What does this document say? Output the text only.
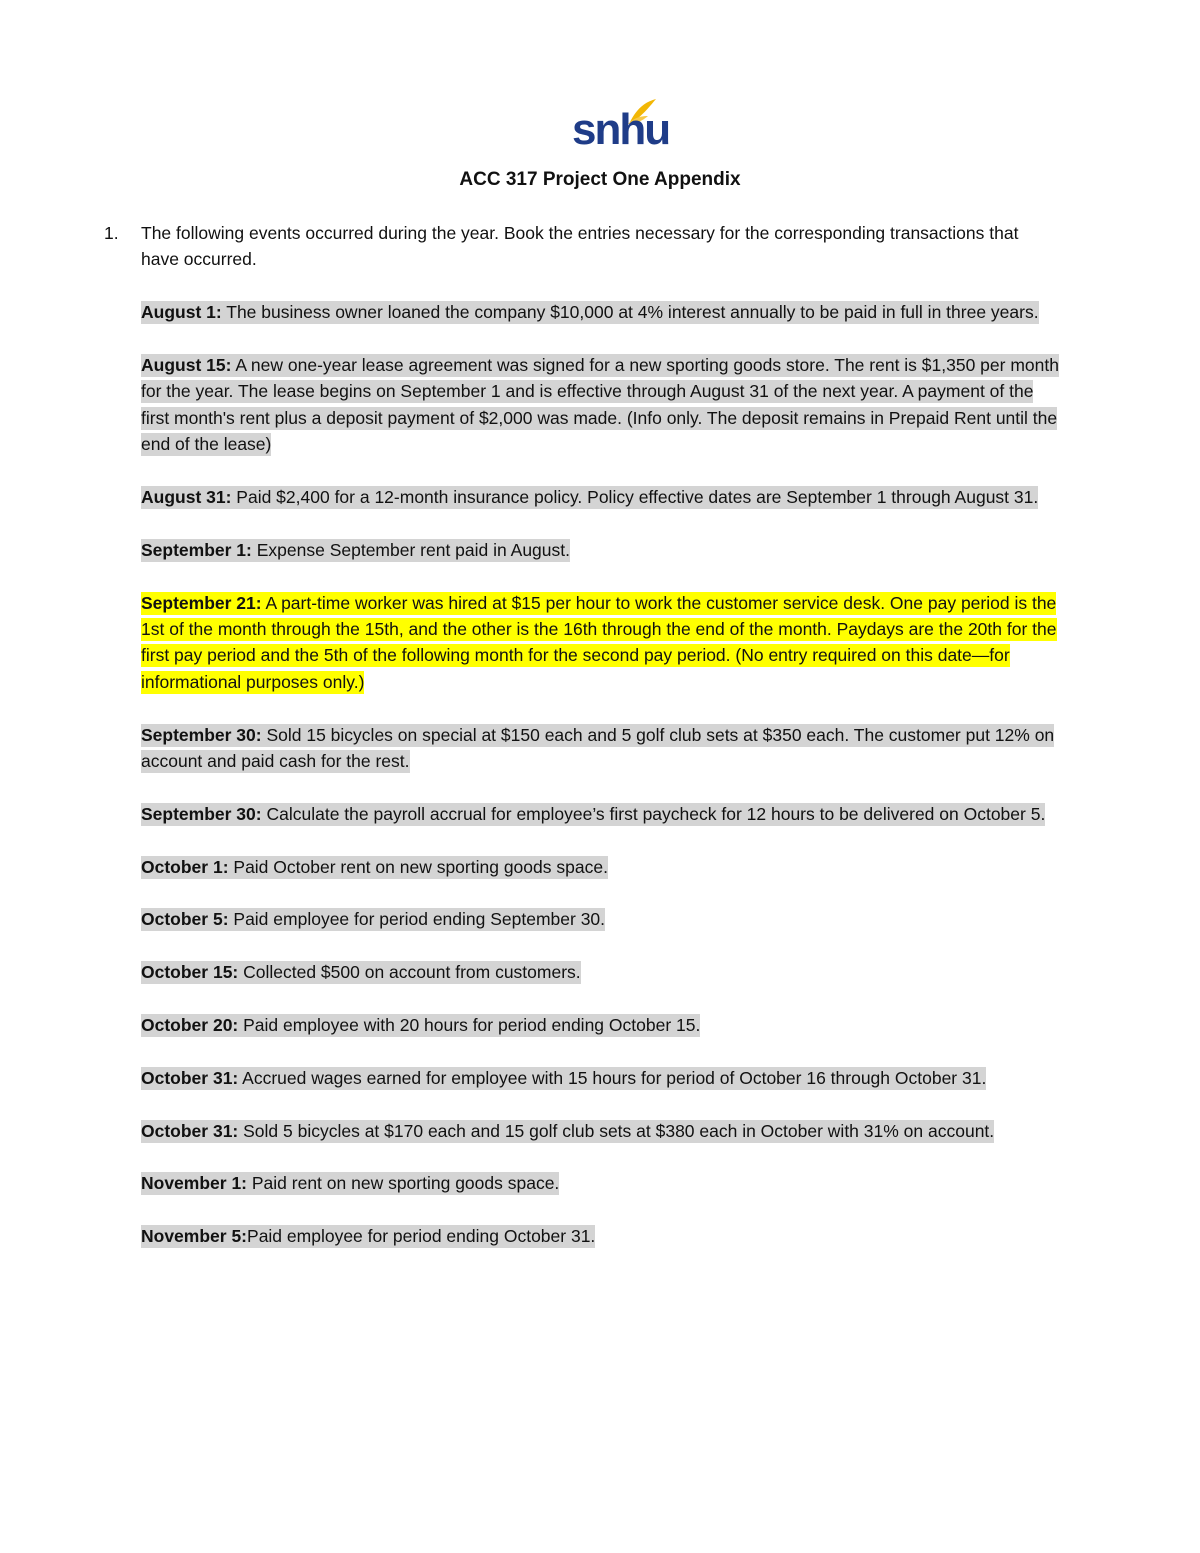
snhu
ACC 317 Project One Appendix
1. The following events occurred during the year. Book the entries necessary for the corresponding transactions that have occurred.

August 1: The business owner loaned the company $10,000 at 4% interest annually to be paid in full in three years.

August 15: A new one-year lease agreement was signed for a new sporting goods store. The rent is $1,350 per month for the year. The lease begins on September 1 and is effective through August 31 of the next year. A payment of the first month's rent plus a deposit payment of $2,000 was made. (Info only. The deposit remains in Prepaid Rent until the end of the lease)

August 31: Paid $2,400 for a 12-month insurance policy. Policy effective dates are September 1 through August 31.

September 1: Expense September rent paid in August.

September 21: A part-time worker was hired at $15 per hour to work the customer service desk. One pay period is the 1st of the month through the 15th, and the other is the 16th through the end of the month. Paydays are the 20th for the first pay period and the 5th of the following month for the second pay period. (No entry required on this date—for informational purposes only.)

September 30: Sold 15 bicycles on special at $150 each and 5 golf club sets at $350 each. The customer put 12% on account and paid cash for the rest.

September 30: Calculate the payroll accrual for employee’s first paycheck for 12 hours to be delivered on October 5.

October 1: Paid October rent on new sporting goods space.

October 5: Paid employee for period ending September 30.

October 15: Collected $500 on account from customers.

October 20: Paid employee with 20 hours for period ending October 15.

October 31: Accrued wages earned for employee with 15 hours for period of October 16 through October 31.

October 31: Sold 5 bicycles at $170 each and 15 golf club sets at $380 each in October with 31% on account.

November 1: Paid rent on new sporting goods space.

November 5:Paid employee for period ending October 31.
